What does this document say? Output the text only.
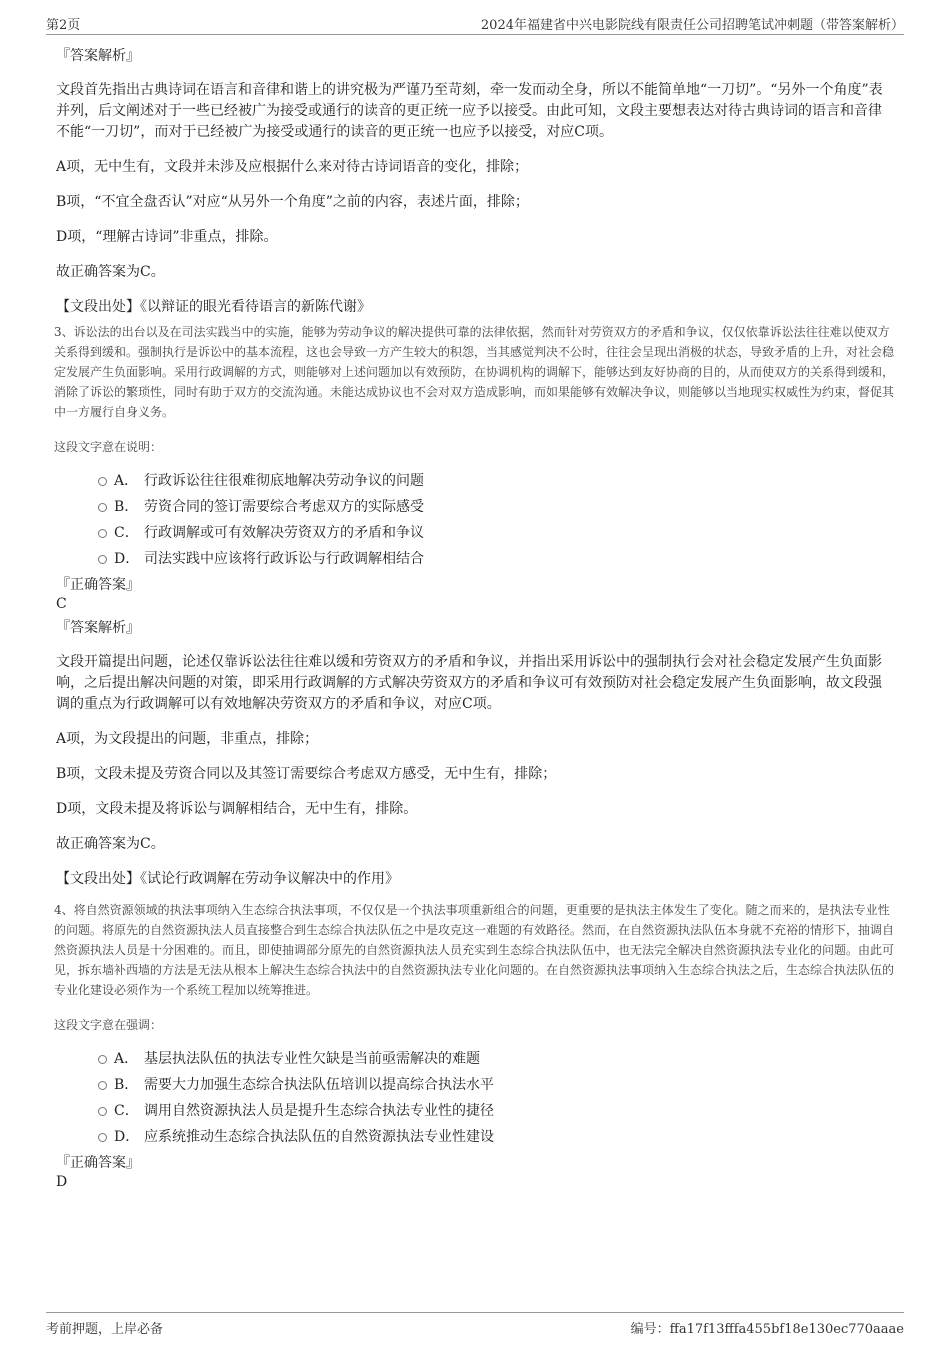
第2页	2024年福建省中兴电影院线有限责任公司招聘笔试冲刺题（带答案解析）
『答案解析』
文段首先指出古典诗词在语言和音律和谐上的讲究极为严谨乃至苛刻，牵一发而动全身，所以不能简单地“一刀切”。“另外一个角度”表并列，后文阐述对于一些已经被广为接受或通行的读音的更正统一应予以接受。由此可知，文段主要想表达对待古典诗词的语言和音律不能“一刀切”，而对于已经被广为接受或通行的读音的更正统一也应予以接受，对应C项。
A项，无中生有，文段并未涉及应根据什么来对待古诗词语音的变化，排除；
B项，“不宜全盘否认”对应“从另外一个角度”之前的内容，表述片面，排除；
D项，“理解古诗词”非重点，排除。
故正确答案为C。
【文段出处】《以辩证的眼光看待语言的新陈代谢》
3、诉讼法的出台以及在司法实践当中的实施，能够为劳动争议的解决提供可靠的法律依据，然而针对劳资双方的矛盾和争议，仅仅依靠诉讼法往往难以使双方关系得到缓和。强制执行是诉讼中的基本流程，这也会导致一方产生较大的积怨，当其感觉判决不公时，往往会呈现出消极的状态，导致矛盾的上升，对社会稳定发展产生负面影响。采用行政调解的方式，则能够对上述问题加以有效预防，在协调机构的调解下，能够达到友好协商的目的，从而使双方的关系得到缓和，消除了诉讼的繁琐性，同时有助于双方的交流沟通。未能达成协议也不会对双方造成影响，而如果能够有效解决争议，则能够以当地现实权威性为约束，督促其中一方履行自身义务。
这段文字意在说明：
A． 行政诉讼往往很难彻底地解决劳动争议的问题
B． 劳资合同的签订需要综合考虑双方的实际感受
C． 行政调解或可有效解决劳资双方的矛盾和争议
D． 司法实践中应该将行政诉讼与行政调解相结合
『正确答案』
C
『答案解析』
文段开篇提出问题，论述仅靠诉讼法往往难以缓和劳资双方的矛盾和争议，并指出采用诉讼中的强制执行会对社会稳定发展产生负面影响，之后提出解决问题的对策，即采用行政调解的方式解决劳资双方的矛盾和争议可有效预防对社会稳定发展产生负面影响，故文段强调的重点为行政调解可以有效地解决劳资双方的矛盾和争议，对应C项。
A项，为文段提出的问题，非重点，排除；
B项，文段未提及劳资合同以及其签订需要综合考虑双方感受，无中生有，排除；
D项，文段未提及将诉讼与调解相结合，无中生有，排除。
故正确答案为C。
【文段出处】《试论行政调解在劳动争议解决中的作用》
4、将自然资源领域的执法事项纳入生态综合执法事项，不仅仅是一个执法事项重新组合的问题，更重要的是执法主体发生了变化。随之而来的，是执法专业性的问题。将原先的自然资源执法人员直接整合到生态综合执法队伍之中是攻克这一难题的有效路径。然而，在自然资源执法队伍本身就不充裕的情形下，抽调自然资源执法人员是十分困难的。而且，即使抽调部分原先的自然资源执法人员充实到生态综合执法队伍中，也无法完全解决自然资源执法专业化的问题。由此可见，拆东墙补西墙的方法是无法从根本上解决生态综合执法中的自然资源执法专业化问题的。在自然资源执法事项纳入生态综合执法之后，生态综合执法队伍的专业化建设必须作为一个系统工程加以统筹推进。
这段文字意在强调：
A． 基层执法队伍的执法专业性欠缺是当前亟需解决的难题
B． 需要大力加强生态综合执法队伍培训以提高综合执法水平
C． 调用自然资源执法人员是提升生态综合执法专业性的捷径
D． 应系统推动生态综合执法队伍的自然资源执法专业性建设
『正确答案』
D
考前押题，上岸必备	编号：ffa17f13fffa455bf18e130ec770aaae
